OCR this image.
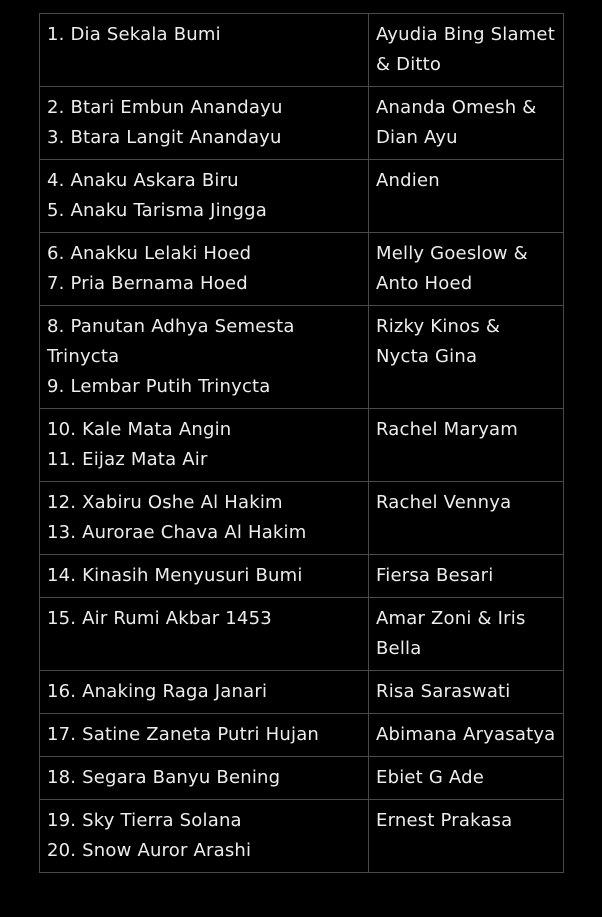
1. Dia Sekala Bumi	Ayudia Bing Slamet & Ditto

2. Btari Embun Anandayu
3. Btara Langit Anandayu	Ananda Omesh & Dian Ayu

4. Anaku Askara Biru
5. Anaku Tarisma Jingga	Andien

6. Anakku Lelaki Hoed
7. Pria Bernama Hoed	Melly Goeslow & Anto Hoed

8. Panutan Adhya Semesta Trinycta
9. Lembar Putih Trinycta	Rizky Kinos & Nycta Gina

10. Kale Mata Angin
11. Eijaz Mata Air	Rachel Maryam

12. Xabiru Oshe Al Hakim
13. Aurorae Chava Al Hakim	Rachel Vennya

14. Kinasih Menyusuri Bumi	Fiersa Besari

15. Air Rumi Akbar 1453	Amar Zoni & Iris Bella

16. Anaking Raga Janari	Risa Saraswati

17. Satine Zaneta Putri Hujan	Abimana Aryasatya

18. Segara Banyu Bening	Ebiet G Ade

19. Sky Tierra Solana
20. Snow Auror Arashi	Ernest Prakasa
